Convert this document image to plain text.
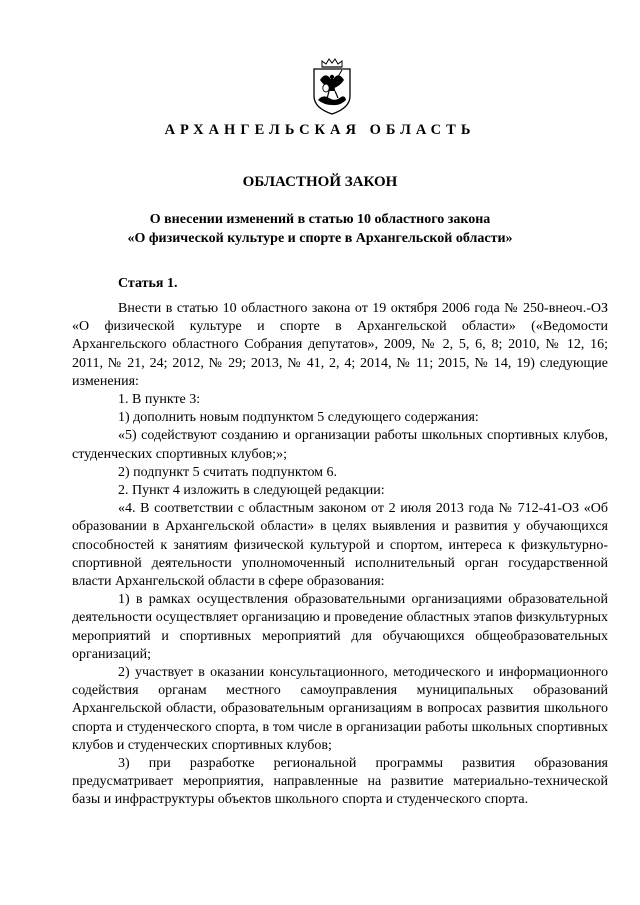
АРХАНГЕЛЬСКАЯ ОБЛАСТЬ
ОБЛАСТНОЙ ЗАКОН
О внесении изменений в статью 10 областного закона
«О физической культуре и спорте в Архангельской области»
Статья 1.

Внести в статью 10 областного закона от 19 октября 2006 года № 250-внеоч.-ОЗ «О физической культуре и спорте в Архангельской области» («Ведомости Архангельского областного Собрания депутатов», 2009, № 2, 5, 6, 8; 2010, № 12, 16; 2011, № 21, 24; 2012, № 29; 2013, № 41, 2, 4; 2014, № 11; 2015, № 14, 19) следующие изменения:

1. В пункте 3:

1) дополнить новым подпунктом 5 следующего содержания:

«5) содействуют созданию и организации работы школьных спортивных клубов, студенческих спортивных клубов;»;

2) подпункт 5 считать подпунктом 6.

2. Пункт 4 изложить в следующей редакции:

«4. В соответствии с областным законом от 2 июля 2013 года № 712-41-ОЗ «Об образовании в Архангельской области» в целях выявления и развития у обучающихся способностей к занятиям физической культурой и спортом, интереса к физкультурно-спортивной деятельности уполномоченный исполнительный орган государственной власти Архангельской области в сфере образования:

1) в рамках осуществления образовательными организациями образовательной деятельности осуществляет организацию и проведение областных этапов физкультурных мероприятий и спортивных мероприятий для обучающихся общеобразовательных организаций;

2) участвует в оказании консультационного, методического и информационного содействия органам местного самоуправления муниципальных образований Архангельской области, образовательным организациям в вопросах развития школьного спорта и студенческого спорта, в том числе в организации работы школьных спортивных клубов и студенческих спортивных клубов;

3) при разработке региональной программы развития образования предусматривает мероприятия, направленные на развитие материально-технической базы и инфраструктуры объектов школьного спорта и студенческого спорта.
